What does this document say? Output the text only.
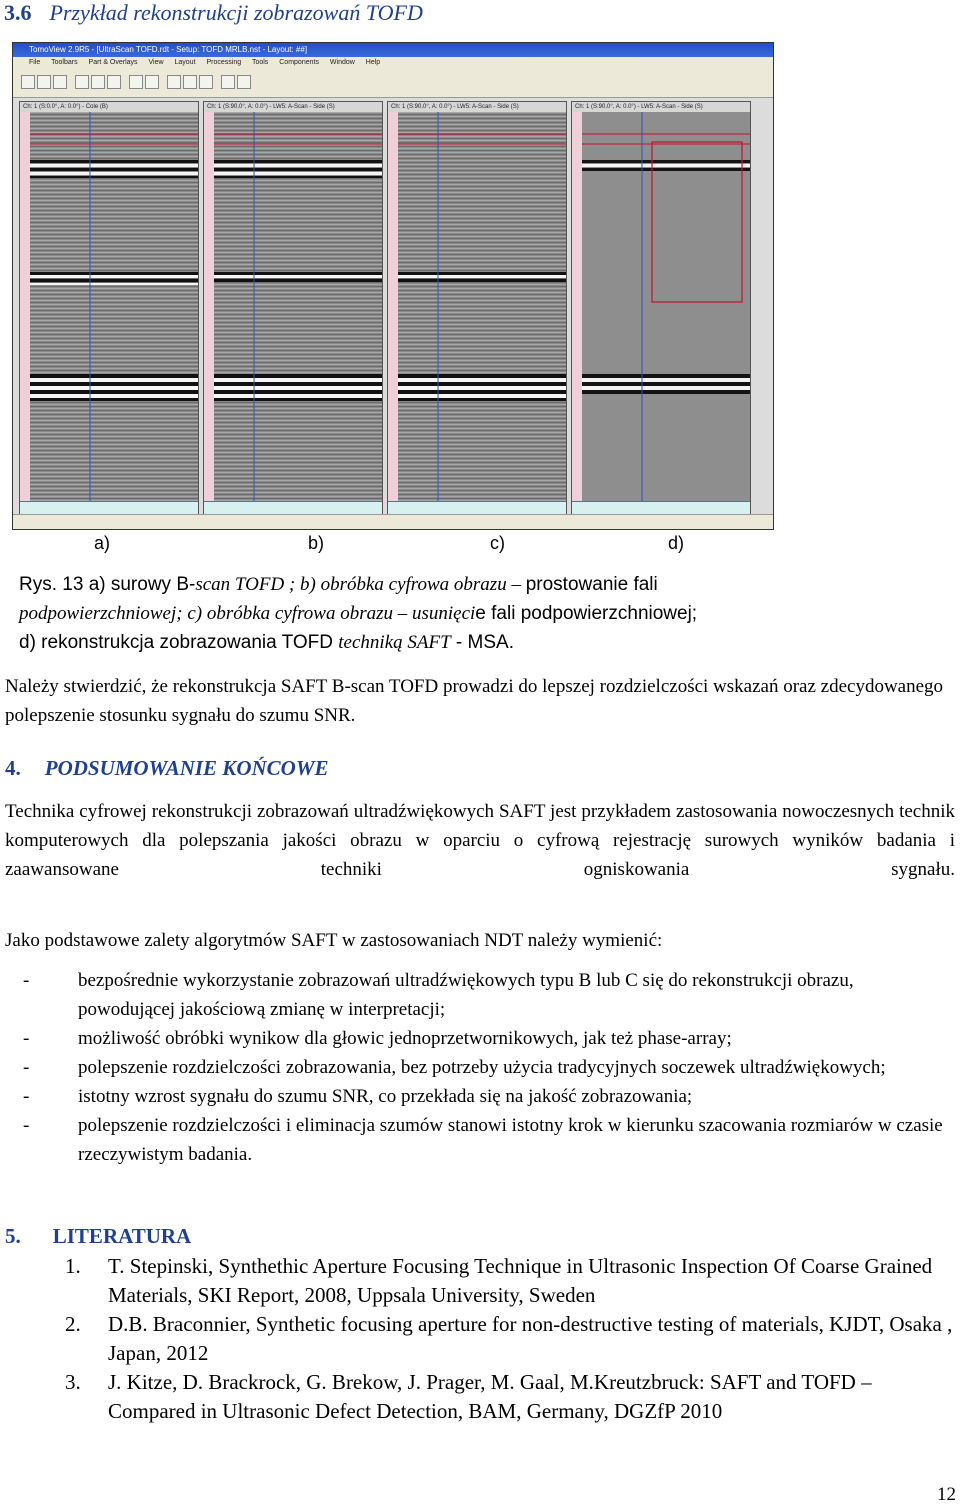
3.6 Przykład rekonstrukcji zobrazowań TOFD
TomoView 2.9R5 - [UltraScan TOFD.rdt - Setup: TOFD MRLB.nst - Layout: ##]
File Toolbars Part & Overlays View Layout Processing Tools Components Window Help
Ch: 1 (S:0.0°, A: 0.0°) - Cole (B)	Ch: 1 (S:90.0°, A: 0.0°) - LW5: A-Scan - Side (S)	Ch: 1 (S:90.0°, A: 0.0°) - LW5: A-Scan - Side (S)	Ch: 1 (S:90.0°, A: 0.0°) - LW5: A-Scan - Side (S)
a)	b)	c)	d)
Rys. 13 a) surowy B-scan TOFD ; b) obróbka cyfrowa obrazu – prostowanie fali
podpowierzchniowej; c) obróbka cyfrowa obrazu – usunięcie fali podpowierzchniowej;
d) rekonstrukcja zobrazowania TOFD techniką SAFT - MSA.
Należy stwierdzić, że rekonstrukcja SAFT B-scan TOFD prowadzi do lepszej rozdzielczości wskazań oraz zdecydowanego polepszenie stosunku sygnału do szumu SNR.
4. PODSUMOWANIE KOŃCOWE
Technika cyfrowej rekonstrukcji zobrazowań ultradźwiękowych SAFT jest przykładem zastosowania nowoczesnych technik komputerowych dla polepszania jakości obrazu w oparciu o cyfrową rejestrację surowych wyników badania i zaawansowane techniki ogniskowania sygnału.
Jako podstawowe zalety algorytmów SAFT w zastosowaniach NDT należy wymienić:
-	bezpośrednie wykorzystanie zobrazowań ultradźwiękowych typu B lub C się do rekonstrukcji obrazu, powodującej jakościową zmianę w interpretacji;
-	możliwość obróbki wynikow dla głowic jednoprzetwornikowych, jak też phase-array;
-	polepszenie rozdzielczości zobrazowania, bez potrzeby użycia tradycyjnych soczewek ultradźwiękowych;
-	istotny wzrost sygnału do szumu SNR, co przekłada się na jakość zobrazowania;
-	polepszenie rozdzielczości i eliminacja szumów stanowi istotny krok w kierunku szacowania rozmiarów w czasie rzeczywistym badania.
5. LITERATURA
1. T. Stepinski, Synthethic Aperture Focusing Technique in Ultrasonic Inspection Of Coarse Grained Materials, SKI Report, 2008, Uppsala University, Sweden
2. D.B. Braconnier, Synthetic focusing aperture for non-destructive testing of materials, KJDT, Osaka , Japan, 2012
3. J. Kitze, D. Brackrock, G. Brekow, J. Prager, M. Gaal, M.Kreutzbruck: SAFT and TOFD – Compared in Ultrasonic Defect Detection, BAM, Germany, DGZfP 2010
12
